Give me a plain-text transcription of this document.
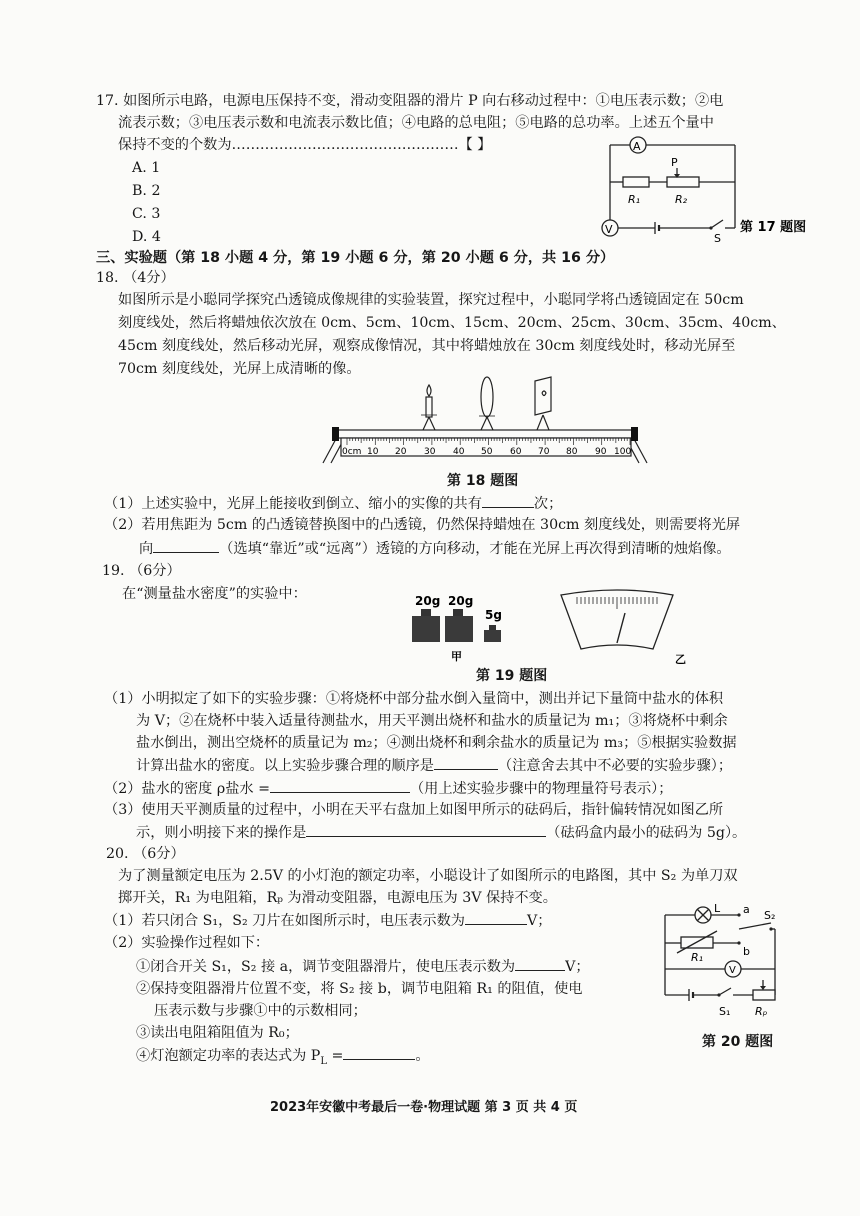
17. 如图所示电路，电源电压保持不变，滑动变阻器的滑片 P 向右移动过程中：①电压表示数；②电
流表示数；③电压表示数和电流表示数比值；④电路的总电阻；⑤电路的总功率。上述五个量中
保持不变的个数为…………………………………………【 】
A. 1
B. 2
C. 3
D. 4
A
V
P
R₁	R₂
S
第 17 题图
三、实验题（第 18 小题 4 分，第 19 小题 6 分，第 20 小题 6 分，共 16 分）
18. （4分）
如图所示是小聪同学探究凸透镜成像规律的实验装置，探究过程中，小聪同学将凸透镜固定在 50cm
刻度线处，然后将蜡烛依次放在 0cm、5cm、10cm、15cm、20cm、25cm、30cm、35cm、40cm、
45cm 刻度线处，然后移动光屏，观察成像情况，其中将蜡烛放在 30cm 刻度线处时，移动光屏至
70cm 刻度线处，光屏上成清晰的像。
0cm 10 20 30 40 50 60 70 80 90 100
第 18 题图
（1）上述实验中，光屏上能接收到倒立、缩小的实像的共有	次；
（2）若用焦距为 5cm 的凸透镜替换图中的凸透镜，仍然保持蜡烛在 30cm 刻度线处，则需要将光屏
向	（选填“靠近”或“远离”）透镜的方向移动，才能在光屏上再次得到清晰的烛焰像。
19. （6分）
在“测量盐水密度”的实验中：	20g 20g
5g
甲	乙
第 19 题图
（1）小明拟定了如下的实验步骤：①将烧杯中部分盐水倒入量筒中，测出并记下量筒中盐水的体积
为 V；②在烧杯中装入适量待测盐水，用天平测出烧杯和盐水的质量记为 m₁；③将烧杯中剩余
盐水倒出，测出空烧杯的质量记为 m₂；④测出烧杯和剩余盐水的质量记为 m₃；⑤根据实验数据
计算出盐水的密度。以上实验步骤合理的顺序是	（注意舍去其中不必要的实验步骤）；
（2）盐水的密度 ρ盐水 =	（用上述实验步骤中的物理量符号表示）；
（3）使用天平测质量的过程中，小明在天平右盘加上如图甲所示的砝码后，指针偏转情况如图乙所
示，则小明接下来的操作是	（砝码盒内最小的砝码为 5g）。
20. （6分）
为了测量额定电压为 2.5V 的小灯泡的额定功率，小聪设计了如图所示的电路图，其中 S₂ 为单刀双
掷开关，R₁ 为电阻箱，Rₚ 为滑动变阻器，电源电压为 3V 保持不变。
（1）若只闭合 S₁，S₂ 刀片在如图所示时，电压表示数为	V；
（2）实验操作过程如下：
①闭合开关 S₁，S₂ 接 a，调节变阻器滑片，使电压表示数为	V；
②保持变阻器滑片位置不变，将 S₂ 接 b，调节电阻箱 R₁ 的阻值，使电
压表示数与步骤①中的示数相同；
③读出电阻箱阻值为 R₀；
④灯泡额定功率的表达式为 $P_L$ =	。
L a
b
S₂
R₁
V
S₁ Rₚ
第 20 题图
2023年安徽中考最后一卷·物理试题 第 3 页 共 4 页
